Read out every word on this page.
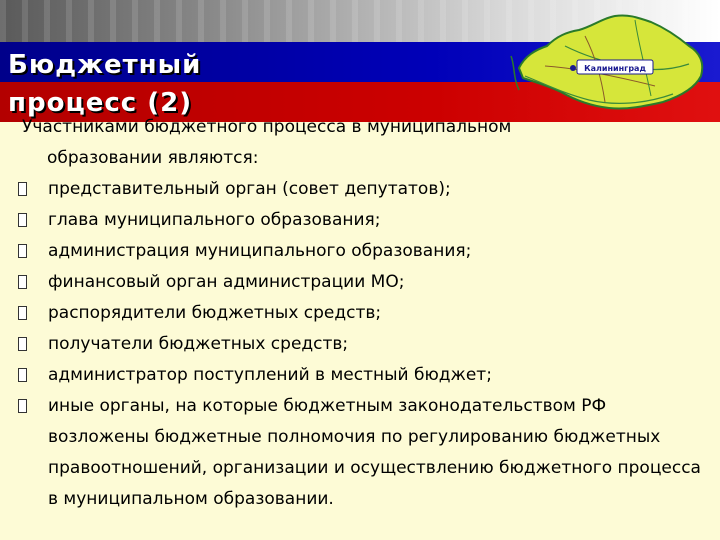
Калининград
Бюджетный
процесс (2)

Участниками бюджетного процесса в муниципальном
образовании являются:

представительный орган (совет депутатов);
глава муниципального образования;
администрация муниципального образования;
финансовый орган администрации МО;
распорядители бюджетных средств;
получатели бюджетных средств;
администратор поступлений в местный бюджет;
иные органы, на которые бюджетным законодательством РФ возложены бюджетные полномочия по регулированию бюджетных правоотношений, организации и осуществлению бюджетного процесса в муниципальном образовании.
